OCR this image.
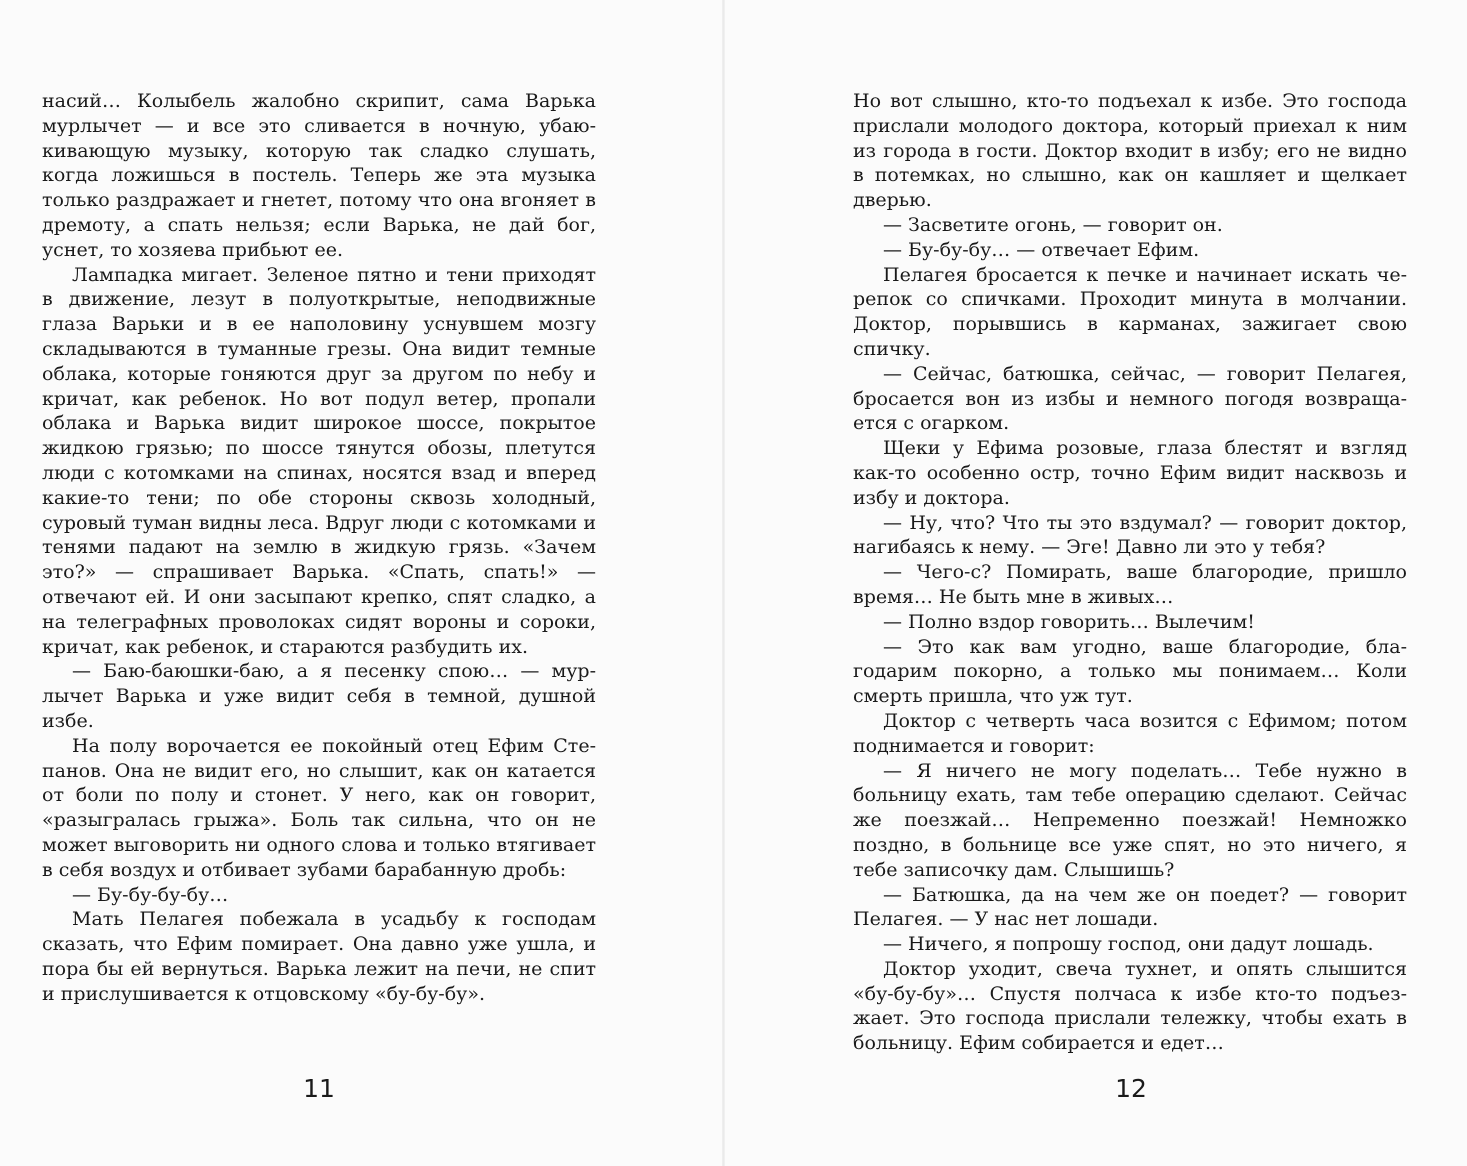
насий… Колыбель жалобно скрипит, сама Варька мурлычет — и все это сливается в ночную, убаюкивающую музыку, которую так сладко слушать, когда ложишься в постель. Теперь же эта музыка только раздражает и гнетет, потому что она вгоняет в дремоту, а спать нельзя; если Варька, не дай бог, уснет, то хозяева прибьют ее.

Лампадка мигает. Зеленое пятно и тени приходят в движение, лезут в полуоткрытые, неподвижные глаза Варьки и в ее наполовину уснувшем мозгу складываются в туманные грезы. Она видит темные облака, которые гоняются друг за другом по небу и кричат, как ребенок. Но вот подул ветер, пропали облака и Варька видит широкое шоссе, покрытое жидкою грязью; по шоссе тянутся обозы, плетутся люди с котомками на спинах, носятся взад и вперед какие-то тени; по обе стороны сквозь холодный, суровый туман видны леса. Вдруг люди с котомками и тенями падают на землю в жидкую грязь. «Зачем это?» — спрашивает Варька. «Спать, спать!» — отвечают ей. И они засыпают крепко, спят сладко, а на телеграфных проволоках сидят вороны и сороки, кричат, как ребенок, и стараются разбудить их.

— Баю-баюшки-баю, а я песенку спою… — мурлычет Варька и уже видит себя в темной, душной избе.

На полу ворочается ее покойный отец Ефим Степанов. Она не видит его, но слышит, как он катается от боли по полу и стонет. У него, как он говорит, «разыгралась грыжа». Боль так сильна, что он не может выговорить ни одного слова и только втягивает в себя воздух и отбивает зубами барабанную дробь:

— Бу-бу-бу-бу…

Мать Пелагея побежала в усадьбу к господам сказать, что Ефим помирает. Она давно уже ушла, и пора бы ей вернуться. Варька лежит на печи, не спит и прислушивается к отцовскому «бу-бу-бу».

11

Но вот слышно, кто-то подъехал к избе. Это господа прислали молодого доктора, который приехал к ним из города в гости. Доктор входит в избу; его не видно в потемках, но слышно, как он кашляет и щелкает дверью.

— Засветите огонь, — говорит он.

— Бу-бу-бу… — отвечает Ефим.

Пелагея бросается к печке и начинает искать черепок со спичками. Проходит минута в молчании. Доктор, порывшись в карманах, зажигает свою спичку.

— Сейчас, батюшка, сейчас, — говорит Пелагея, бросается вон из избы и немного погодя возвращается с огарком.

Щеки у Ефима розовые, глаза блестят и взгляд как-то особенно остр, точно Ефим видит насквозь и избу и доктора.

— Ну, что? Что ты это вздумал? — говорит доктор, нагибаясь к нему. — Эге! Давно ли это у тебя?

— Чего-с? Помирать, ваше благородие, пришло время… Не быть мне в живых…

— Полно вздор говорить… Вылечим!

— Это как вам угодно, ваше благородие, благодарим покорно, а только мы понимаем… Коли смерть пришла, что уж тут.

Доктор с четверть часа возится с Ефимом; потом поднимается и говорит:

— Я ничего не могу поделать… Тебе нужно в больницу ехать, там тебе операцию сделают. Сейчас же поезжай… Непременно поезжай! Немножко поздно, в больнице все уже спят, но это ничего, я тебе записочку дам. Слышишь?

— Батюшка, да на чем же он поедет? — говорит Пелагея. — У нас нет лошади.

— Ничего, я попрошу господ, они дадут лошадь.

Доктор уходит, свеча тухнет, и опять слышится «бу-бу-бу»… Спустя полчаса к избе кто-то подъезжает. Это господа прислали тележку, чтобы ехать в больницу. Ефим собирается и едет…

12
